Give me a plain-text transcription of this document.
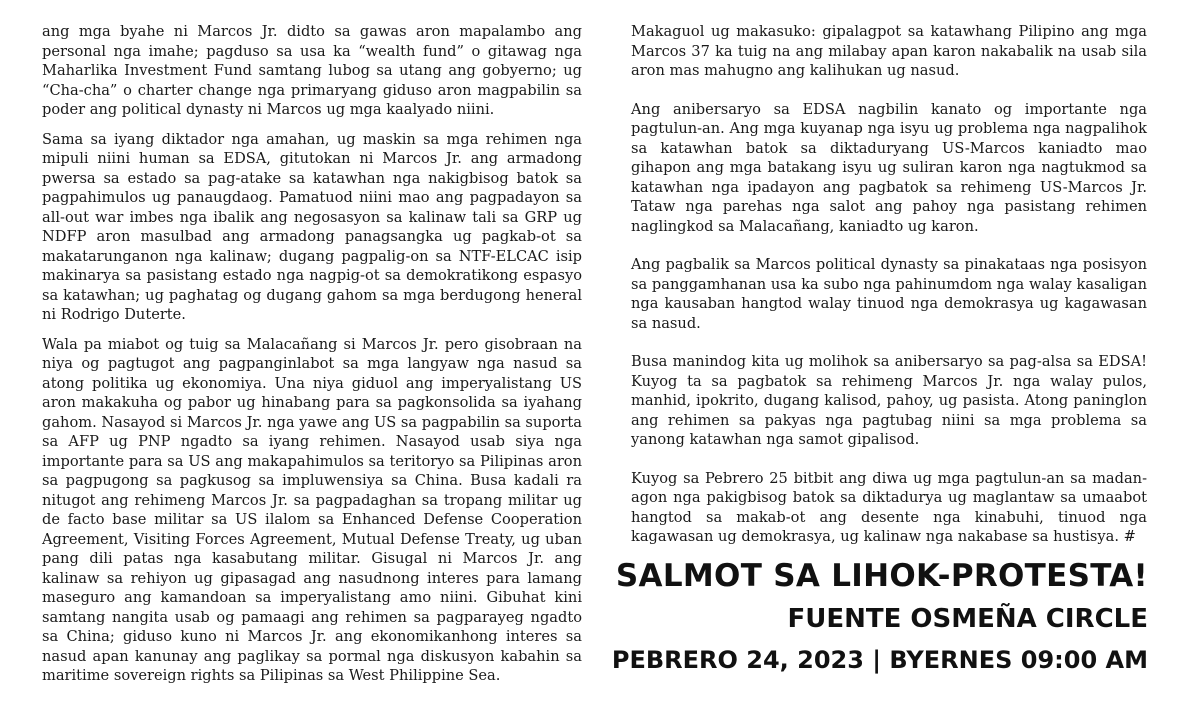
ang mga byahe ni Marcos Jr. didto sa gawas aron mapalambo ang personal nga imahe; pagduso sa usa ka “wealth fund” o gitawag nga Maharlika Investment Fund samtang lubog sa utang ang gobyerno; ug “Cha-cha” o charter change nga primaryang giduso aron magpabilin sa poder ang political dynasty ni Marcos ug mga kaalyado niini.

Sama sa iyang diktador nga amahan, ug maskin sa mga rehimen nga mipuli niini human sa EDSA, gitutokan ni Marcos Jr. ang armadong pwersa sa estado sa pag-atake sa katawhan nga nakigbisog batok sa pagpahimulos ug panaugdaog. Pamatuod niini mao ang pagpadayon sa all-out war imbes nga ibalik ang negosasyon sa kalinaw tali sa GRP ug NDFP aron masulbad ang armadong panagsangka ug pagkab-ot sa makatarunganon nga kalinaw; dugang pagpalig-on sa NTF-ELCAC isip makinarya sa pasistang estado nga nagpig-ot sa demokratikong espasyo sa katawhan; ug paghatag og dugang gahom sa mga berdugong heneral ni Rodrigo Duterte.

Wala pa miabot og tuig sa Malacañang si Marcos Jr. pero gisobraan na niya og pagtugot ang pagpanginlabot sa mga langyaw nga nasud sa atong politika ug ekonomiya. Una niya giduol ang imperyalistang US aron makakuha og pabor ug hinabang para sa pagkonsolida sa iyahang gahom. Nasayod si Marcos Jr. nga yawe ang US sa pagpabilin sa suporta sa AFP ug PNP ngadto sa iyang rehimen. Nasayod usab siya nga importante para sa US ang makapahimulos sa teritoryo sa Pilipinas aron sa pagpugong sa pagkusog sa impluwensiya sa China. Busa kadali ra nitugot ang rehimeng Marcos Jr. sa pagpadaghan sa tropang militar ug de facto base militar sa US ilalom sa Enhanced Defense Cooperation Agreement, Visiting Forces Agreement, Mutual Defense Treaty, ug uban pang dili patas nga kasabutang militar. Gisugal ni Marcos Jr. ang kalinaw sa rehiyon ug gipasagad ang nasudnong interes para lamang maseguro ang kamandoan sa imperyalistang amo niini. Gibuhat kini samtang nangita usab og pamaagi ang rehimen sa pagparayeg ngadto sa China; giduso kuno ni Marcos Jr. ang ekonomikanhong interes sa nasud apan kanunay ang paglikay sa pormal nga diskusyon kabahin sa maritime sovereign rights sa Pilipinas sa West Philippine Sea.

Makaguol ug makasuko: gipalagpot sa katawhang Pilipino ang mga Marcos 37 ka tuig na ang milabay apan karon nakabalik na usab sila aron mas mahugno ang kalihukan ug nasud.

Ang anibersaryo sa EDSA nagbilin kanato og importante nga pagtulun-an. Ang mga kuyanap nga isyu ug problema nga nagpalihok sa katawhan batok sa diktaduryang US-Marcos kaniadto mao gihapon ang mga batakang isyu ug suliran karon nga nagtukmod sa katawhan nga ipadayon ang pagbatok sa rehimeng US-Marcos Jr. Tataw nga parehas nga salot ang pahoy nga pasistang rehimen naglingkod sa Malacañang, kaniadto ug karon.

Ang pagbalik sa Marcos political dynasty sa pinakataas nga posisyon sa panggamhanan usa ka subo nga pahinumdom nga walay kasaligan nga kausaban hangtod walay tinuod nga demokrasya ug kagawasan sa nasud.

Busa manindog kita ug molihok sa anibersaryo sa pag-alsa sa EDSA! Kuyog ta sa pagbatok sa rehimeng Marcos Jr. nga walay pulos, manhid, ipokrito, dugang kalisod, pahoy, ug pasista. Atong paninglon ang rehimen sa pakyas nga pagtubag niini sa mga problema sa yanong katawhan nga samot gipalisod.

Kuyog sa Pebrero 25 bitbit ang diwa ug mga pagtulun-an sa madan-agon nga pakigbisog batok sa diktadurya ug maglantaw sa umaabot hangtod sa makab-ot ang desente nga kinabuhi, tinuod nga kagawasan ug demokrasya, ug kalinaw nga nakabase sa hustisya. #

SALMOT SA LIHOK-PROTESTA!
FUENTE OSMEÑA CIRCLE
PEBRERO 24, 2023 | BYERNES 09:00 AM
